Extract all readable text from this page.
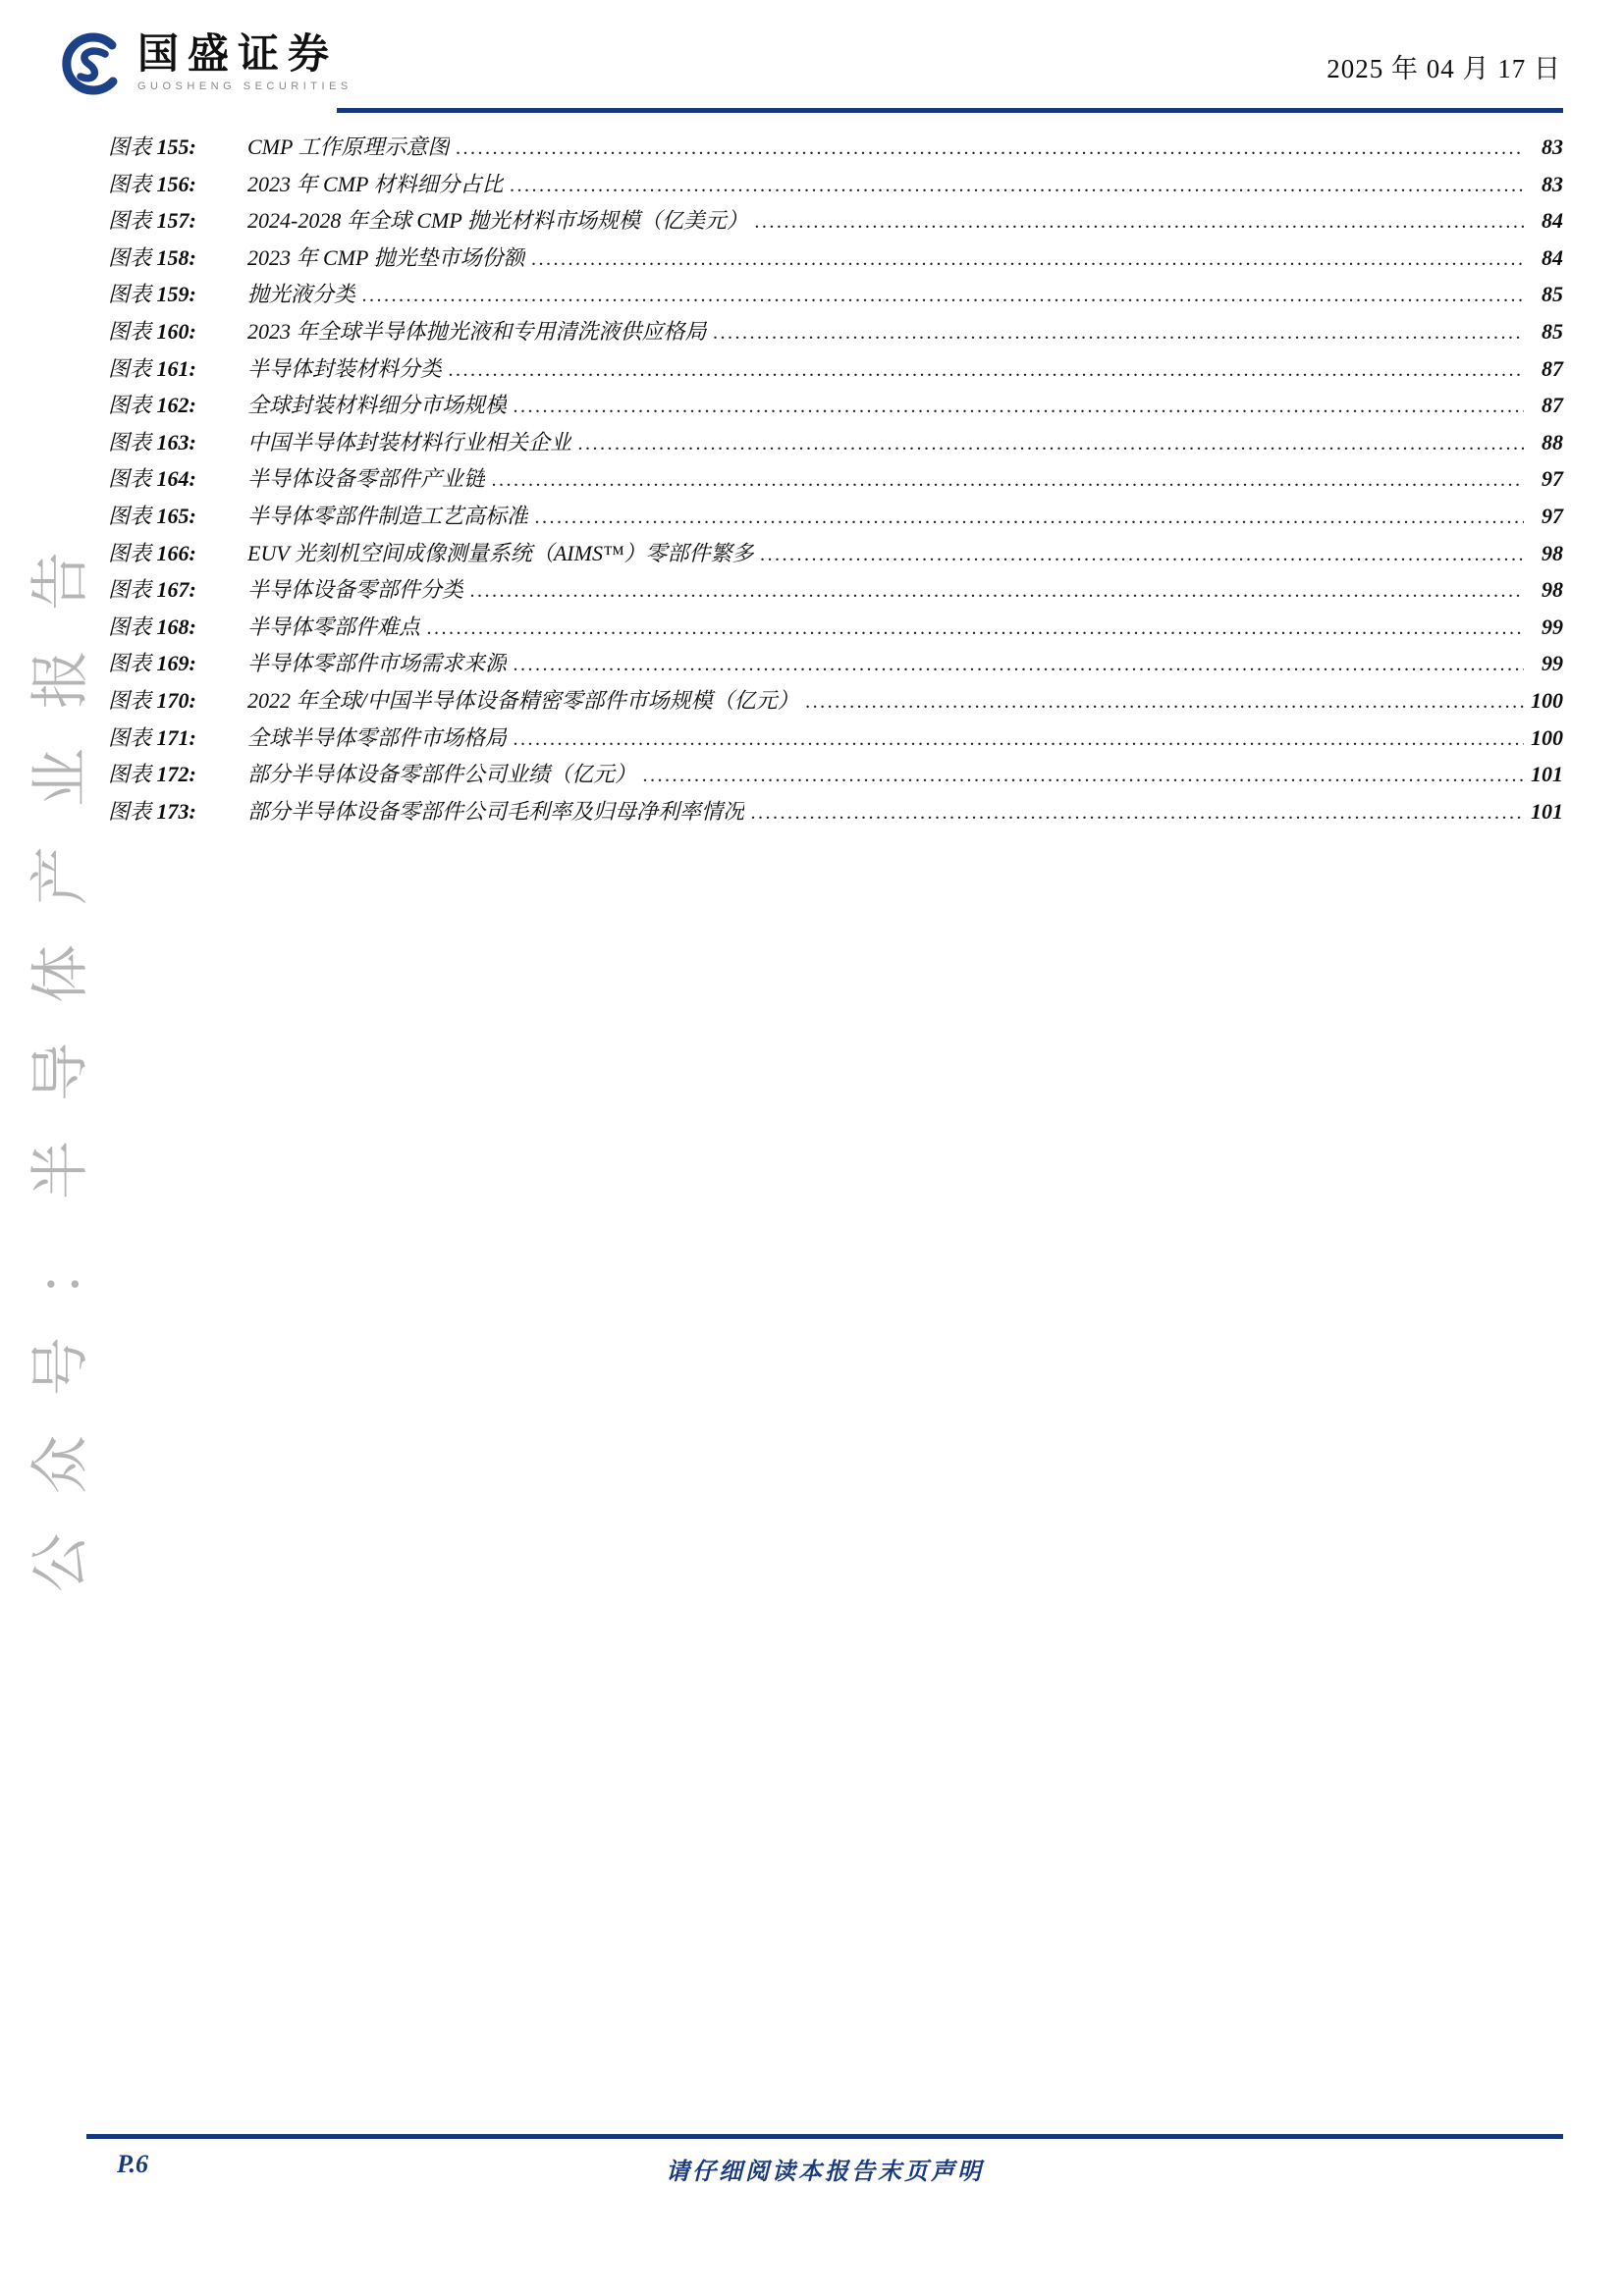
国盛证券
GUOSHENG SECURITIES
2025 年 04 月 17 日
公众号：半导体产业报告
图表 155:	CMP 工作原理示意图 .....	83
图表 156:	2023 年 CMP 材料细分占比 .....	83
图表 157:	2024-2028 年全球 CMP 抛光材料市场规模（亿美元） .....	84
图表 158:	2023 年 CMP 抛光垫市场份额 .....	84
图表 159:	抛光液分类 .....	85
图表 160:	2023 年全球半导体抛光液和专用清洗液供应格局 .....	85
图表 161:	半导体封装材料分类 .....	87
图表 162:	全球封装材料细分市场规模 .....	87
图表 163:	中国半导体封装材料行业相关企业 .....	88
图表 164:	半导体设备零部件产业链 .....	97
图表 165:	半导体零部件制造工艺高标准 .....	97
图表 166:	EUV 光刻机空间成像测量系统（AIMS™）零部件繁多 .....	98
图表 167:	半导体设备零部件分类 .....	98
图表 168:	半导体零部件难点 .....	99
图表 169:	半导体零部件市场需求来源 .....	99
图表 170:	2022 年全球/中国半导体设备精密零部件市场规模（亿元） .....	100
图表 171:	全球半导体零部件市场格局 .....	100
图表 172:	部分半导体设备零部件公司业绩（亿元） .....	101
图表 173:	部分半导体设备零部件公司毛利率及归母净利率情况 .....	101
P.6	请仔细阅读本报告末页声明
